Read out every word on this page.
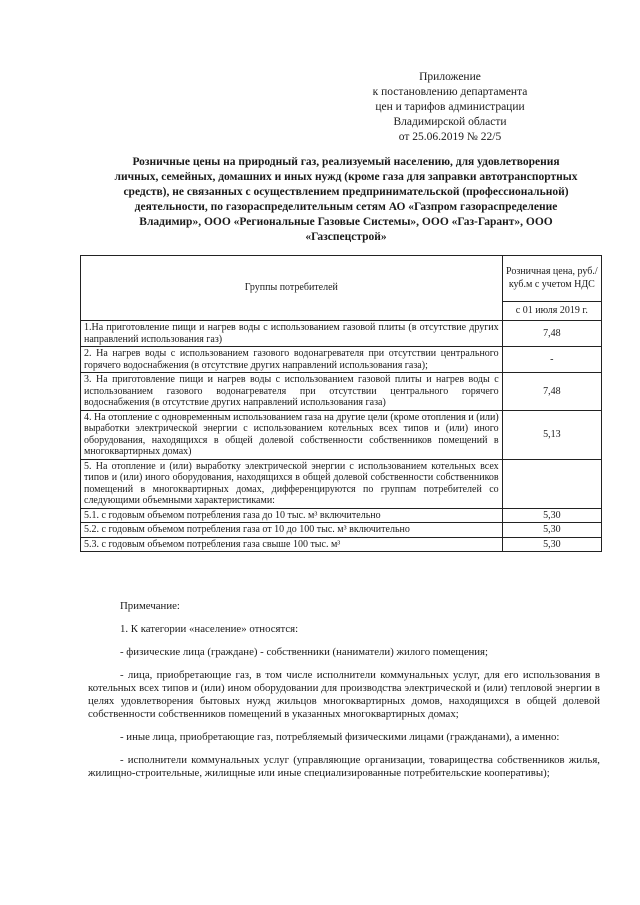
Приложение
к постановлению департамента
цен и тарифов администрации
Владимирской области
от 25.06.2019 № 22/5
Розничные цены на природный газ, реализуемый населению, для удовлетворения
личных, семейных, домашних и иных нужд (кроме газа для заправки автотранспортных
средств), не связанных с осуществлением предпринимательской (профессиональной)
деятельности, по газораспределительным сетям АО «Газпром газораспределение
Владимир», ООО «Региональные Газовые Системы», ООО «Газ-Гарант», ООО
«Газспецстрой»
Группы потребителей	Розничная цена, руб./куб.м с учетом НДС
	с 01 июля 2019 г.
1.На приготовление пищи и нагрев воды с использованием газовой плиты (в отсутствие других направлений использования газ)	7,48
2. На нагрев воды с использованием газового водонагревателя при отсутствии центрального горячего водоснабжения (в отсутствие других направлений использования газа);	-
3. На приготовление пищи и нагрев воды с использованием газовой плиты и нагрев воды с использованием газового водонагревателя при отсутствии центрального горячего водоснабжения (в отсутствие других направлений использования газа)	7,48
4. На отопление с одновременным использованием газа на другие цели (кроме отопления и (или) выработки электрической энергии с использованием котельных всех типов и (или) иного оборудования, находящихся в общей долевой собственности собственников помещений в многоквартирных домах)	5,13
5. На отопление и (или) выработку электрической энергии с использованием котельных всех типов и (или) иного оборудования, находящихся в общей долевой собственности собственников помещений в многоквартирных домах, дифференцируются по группам потребителей со следующими объемными характеристиками:	
5.1. с годовым объемом потребления газа до 10 тыс. м³ включительно	5,30
5.2. с годовым объемом потребления газа от 10 до 100 тыс. м³ включительно	5,30
5.3. с годовым объемом потребления газа свыше 100 тыс. м³	5,30

Примечание:

1. К категории «население» относятся:

- физические лица (граждане) - собственники (наниматели) жилого помещения;

- лица, приобретающие газ, в том числе исполнители коммунальных услуг, для его использования в котельных всех типов и (или) ином оборудовании для производства электрической и (или) тепловой энергии в целях удовлетворения бытовых нужд жильцов многоквартирных домов, находящихся в общей долевой собственности собственников помещений в указанных многоквартирных домах;

- иные лица, приобретающие газ, потребляемый физическими лицами (гражданами), а именно:

- исполнители коммунальных услуг (управляющие организации, товарищества собственников жилья, жилищно-строительные, жилищные или иные специализированные потребительские кооперативы);
